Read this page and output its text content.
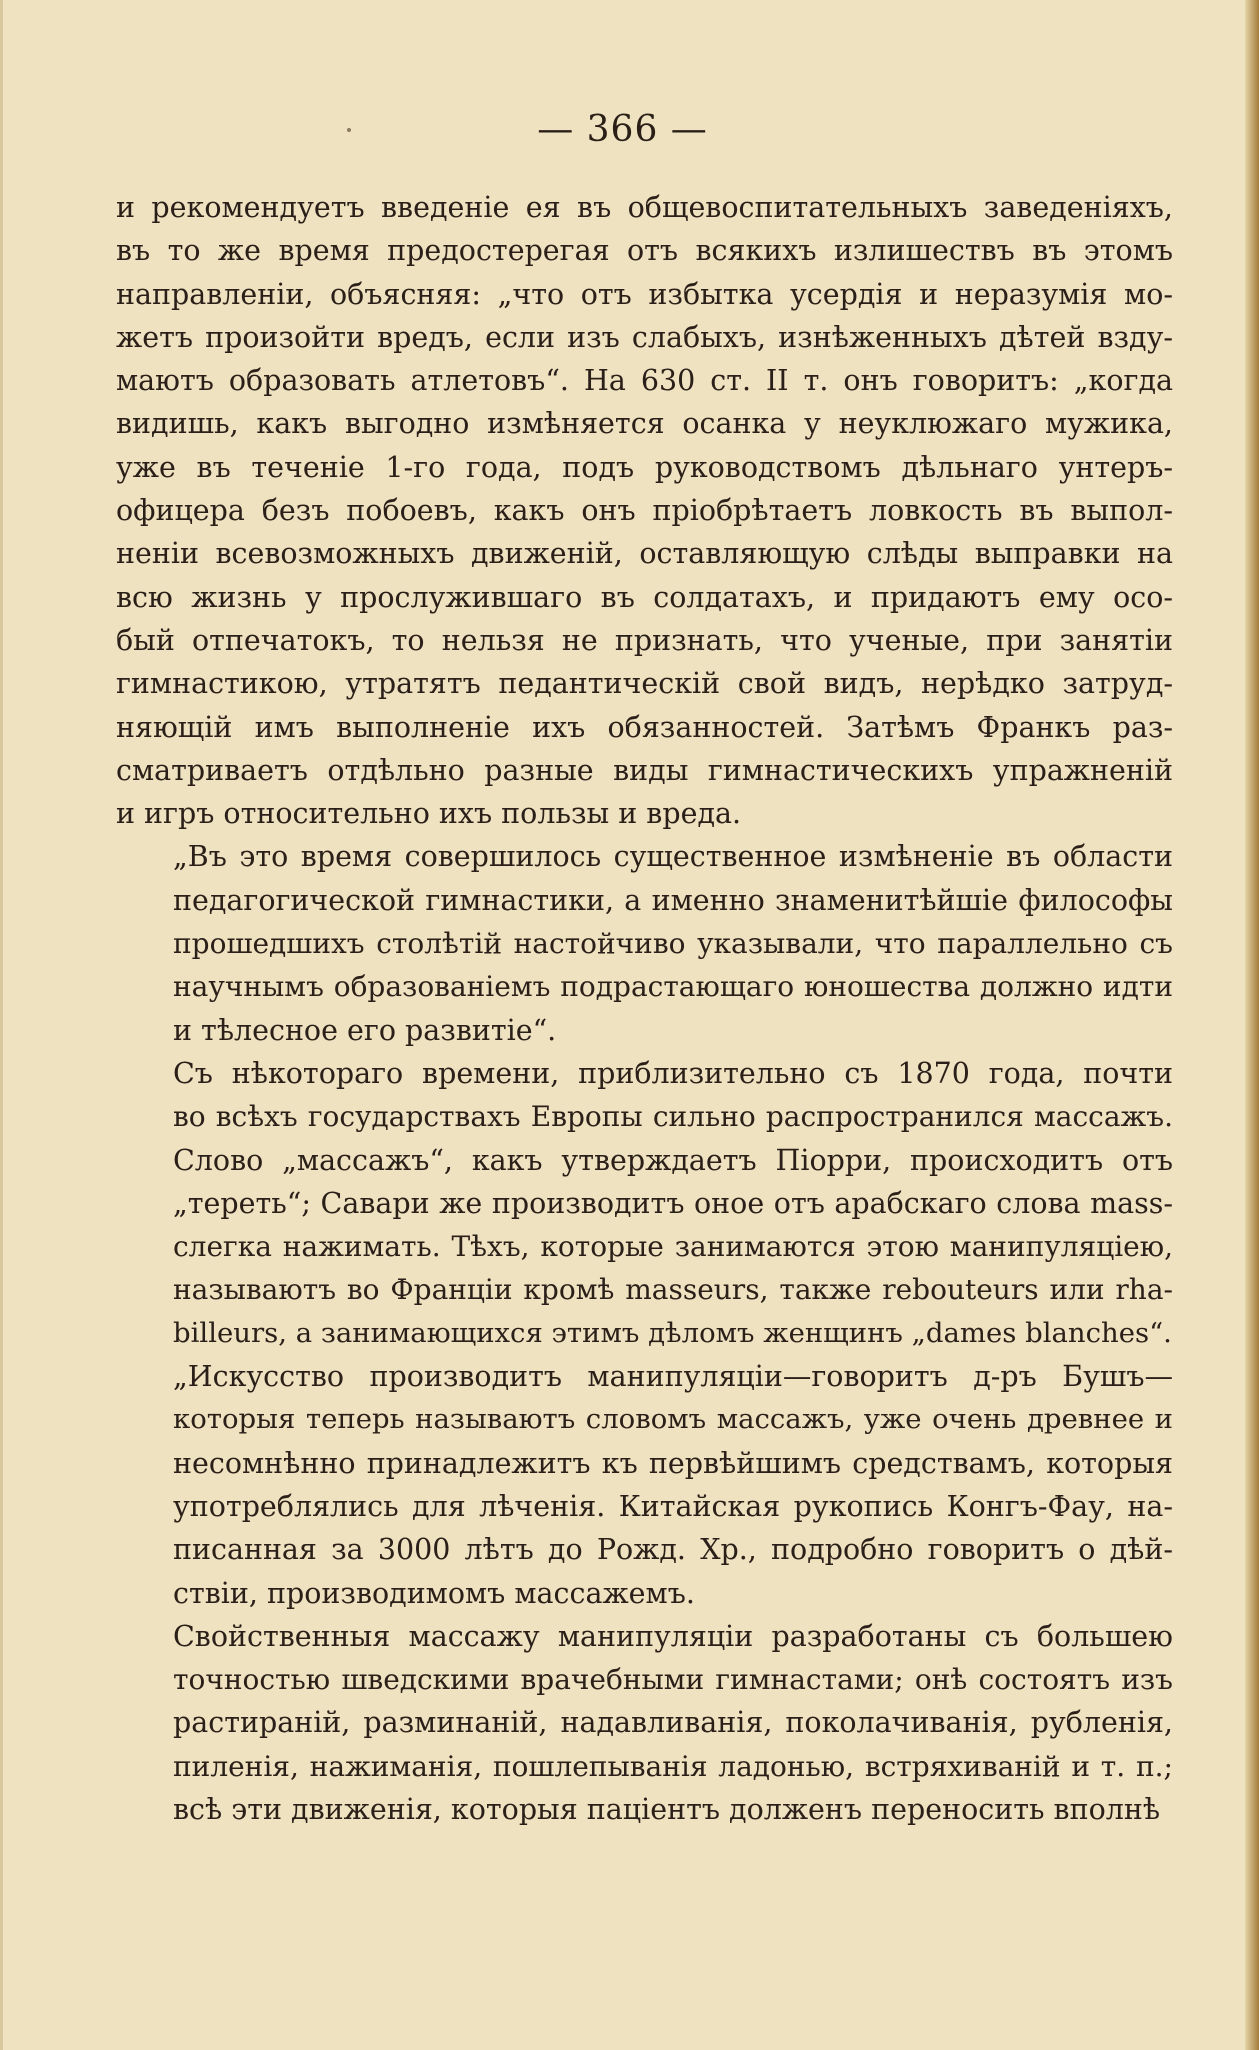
— 366 —

и рекомендуетъ введеніе ея въ общевоспитательныхъ заведеніяхъ,
въ то же время предостерегая отъ всякихъ излишествъ въ этомъ
направленіи, объясняя: „что отъ избытка усердія и неразумія мо-
жетъ произойти вредъ, если изъ слабыхъ, изнѣженныхъ дѣтей взду-
маютъ образовать атлетовъ“. На 630 ст. II т. онъ говоритъ: „когда
видишь, какъ выгодно измѣняется осанка у неуклюжаго мужика,
уже въ теченіе 1-го года, подъ руководствомъ дѣльнаго унтеръ-
офицера безъ побоевъ, какъ онъ пріобрѣтаетъ ловкость въ выпол-
неніи всевозможныхъ движеній, оставляющую слѣды выправки на
всю жизнь у прослужившаго въ солдатахъ, и придаютъ ему осо-
бый отпечатокъ, то нельзя не признать, что ученые, при занятіи
гимнастикою, утратятъ педантическій свой видъ, нерѣдко затруд-
няющій имъ выполненіе ихъ обязанностей. Затѣмъ Франкъ раз-
сматриваетъ отдѣльно разные виды гимнастическихъ упражненій
и игръ относительно ихъ пользы и вреда.

„Въ это время совершилось существенное измѣненіе въ области
педагогической гимнастики, а именно знаменитѣйшіе философы
прошедшихъ столѣтій настойчиво указывали, что параллельно съ
научнымъ образованіемъ подрастающаго юношества должно идти
и тѣлесное его развитіе“.

Съ нѣкотораго времени, приблизительно съ 1870 года, почти
во всѣхъ государствахъ Европы сильно распространился массажъ.
Слово „массажъ“, какъ утверждаетъ Піорри, происходитъ отъ
„тереть“; Савари же производитъ оное отъ арабскаго слова mass-
слегка нажимать. Тѣхъ, которые занимаются этою манипуляціею,
называютъ во Франціи кромѣ masseurs, также rebouteurs или rha-
billeurs, а занимающихся этимъ дѣломъ женщинъ „dames blanches“.

„Искусство производитъ манипуляціи—говоритъ д-ръ Бушъ—
которыя теперь называютъ словомъ массажъ, уже очень древнее и
несомнѣнно принадлежитъ къ первѣйшимъ средствамъ, которыя
употреблялись для лѣченія. Китайская рукопись Конгъ-Фау, на-
писанная за 3000 лѣтъ до Рожд. Хр., подробно говоритъ о дѣй-
ствіи, производимомъ массажемъ.

Свойственныя массажу манипуляціи разработаны съ большею
точностью шведскими врачебными гимнастами; онѣ состоятъ изъ
растираній, разминаній, надавливанія, поколачиванія, рубленія,
пиленія, нажиманія, пошлепыванія ладонью, встряхиваній и т. п.;
всѣ эти движенія, которыя паціентъ долженъ переносить вполнѣ
